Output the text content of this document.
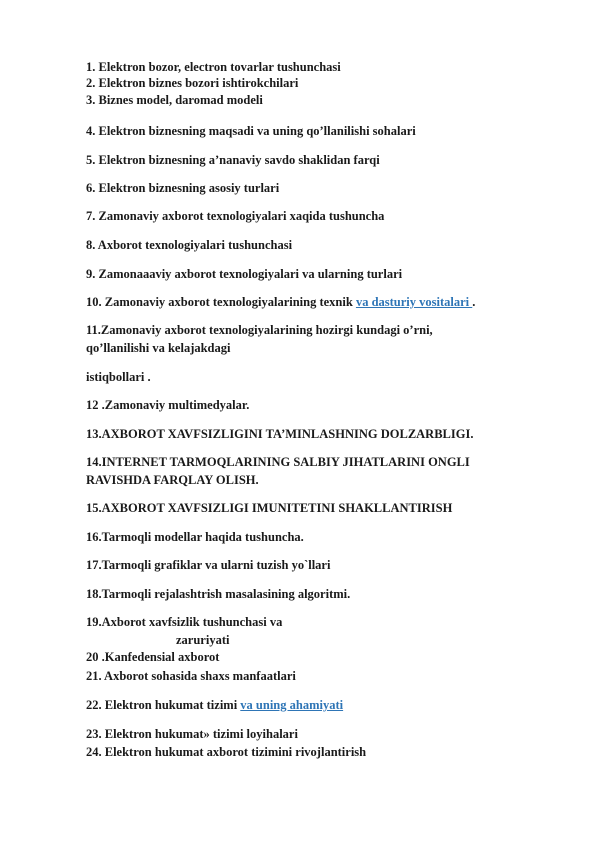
1. Elektron bozor, electron tovarlar tushunchasi

2. Elektron biznes bozori ishtirokchilari

3. Biznes model, daromad modeli

4. Elektron biznesning maqsadi va uning qo’llanilishi sohalari

5. Elektron biznesning a’nanaviy savdo shaklidan farqi

6. Elektron biznesning asosiy turlari

7. Zamonaviy axborot texnologiyalari xaqida tushuncha

8. Axborot texnologiyalari tushunchasi

9. Zamonaaaviy axborot texnologiyalari va ularning turlari

10. Zamonaviy axborot texnologiyalarining texnik va dasturiy vositalari .

11.Zamonaviy axborot texnologiyalarining hozirgi kundagi o’rni,

qo’llanilishi va kelajakdagi

istiqbollari .

12 .Zamonaviy multimedyalar.

13.AXBOROT XAVFSIZLIGINI TA’MINLASHNING DOLZARBLIGI.

14.INTERNET TARMOQLARINING SALBIY JIHATLARINI ONGLI

RAVISHDA FARQLAY OLISH.

15.AXBOROT XAVFSIZLIGI IMUNITETINI SHAKLLANTIRISH

16.Tarmoqli modellar haqida tushuncha.

17.Tarmoqli grafiklar va ularni tuzish yo`llari

18.Tarmoqli rejalashtrish masalasining algoritmi.

19.Axborot xavfsizlik tushunchasi va

zaruriyati

20 .Kanfedensial axborot

21. Axborot sohasida shaxs manfaatlari

22. Elektron hukumat tizimi va uning ahamiyati

23. Elektron hukumat» tizimi loyihalari

24. Elektron hukumat axborot tizimini rivojlantirish
